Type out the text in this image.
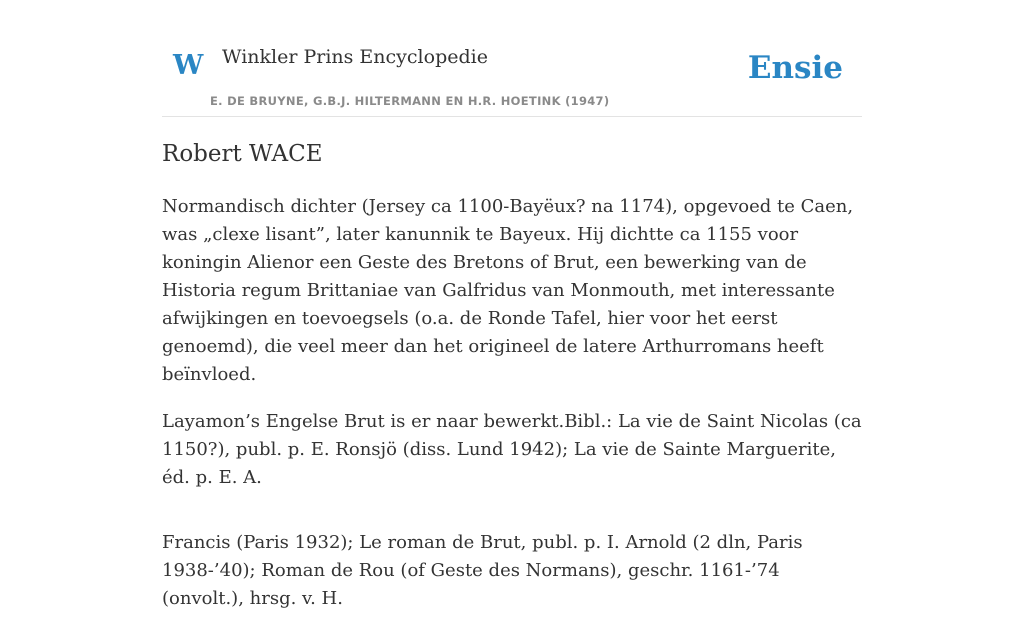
W Winkler Prins Encyclopedie
E. DE BRUYNE, G.B.J. HILTERMANN EN H.R. HOETINK (1947)
Ensie
Robert WACE

Normandisch dichter (Jersey ca 1100-Bayëux? na 1174), opgevoed te Caen, was „clexe lisant”, later kanunnik te Bayeux. Hij dichtte ca 1155 voor koningin Alienor een Geste des Bretons of Brut, een bewerking van de Historia regum Brittaniae van Galfridus van Monmouth, met interessante afwijkingen en toevoegsels (o.a. de Ronde Tafel, hier voor het eerst genoemd), die veel meer dan het origineel de latere Arthurromans heeft beïnvloed.

Layamon’s Engelse Brut is er naar bewerkt.Bibl.: La vie de Saint Nicolas (ca 1150?), publ. p. E. Ronsjö (diss. Lund 1942); La vie de Sainte Marguerite, éd. p. E. A.

Francis (Paris 1932); Le roman de Brut, publ. p. I. Arnold (2 dln, Paris 1938-’40); Roman de Rou (of Geste des Normans), geschr. 1161-’74 (onvolt.), hrsg. v. H.
